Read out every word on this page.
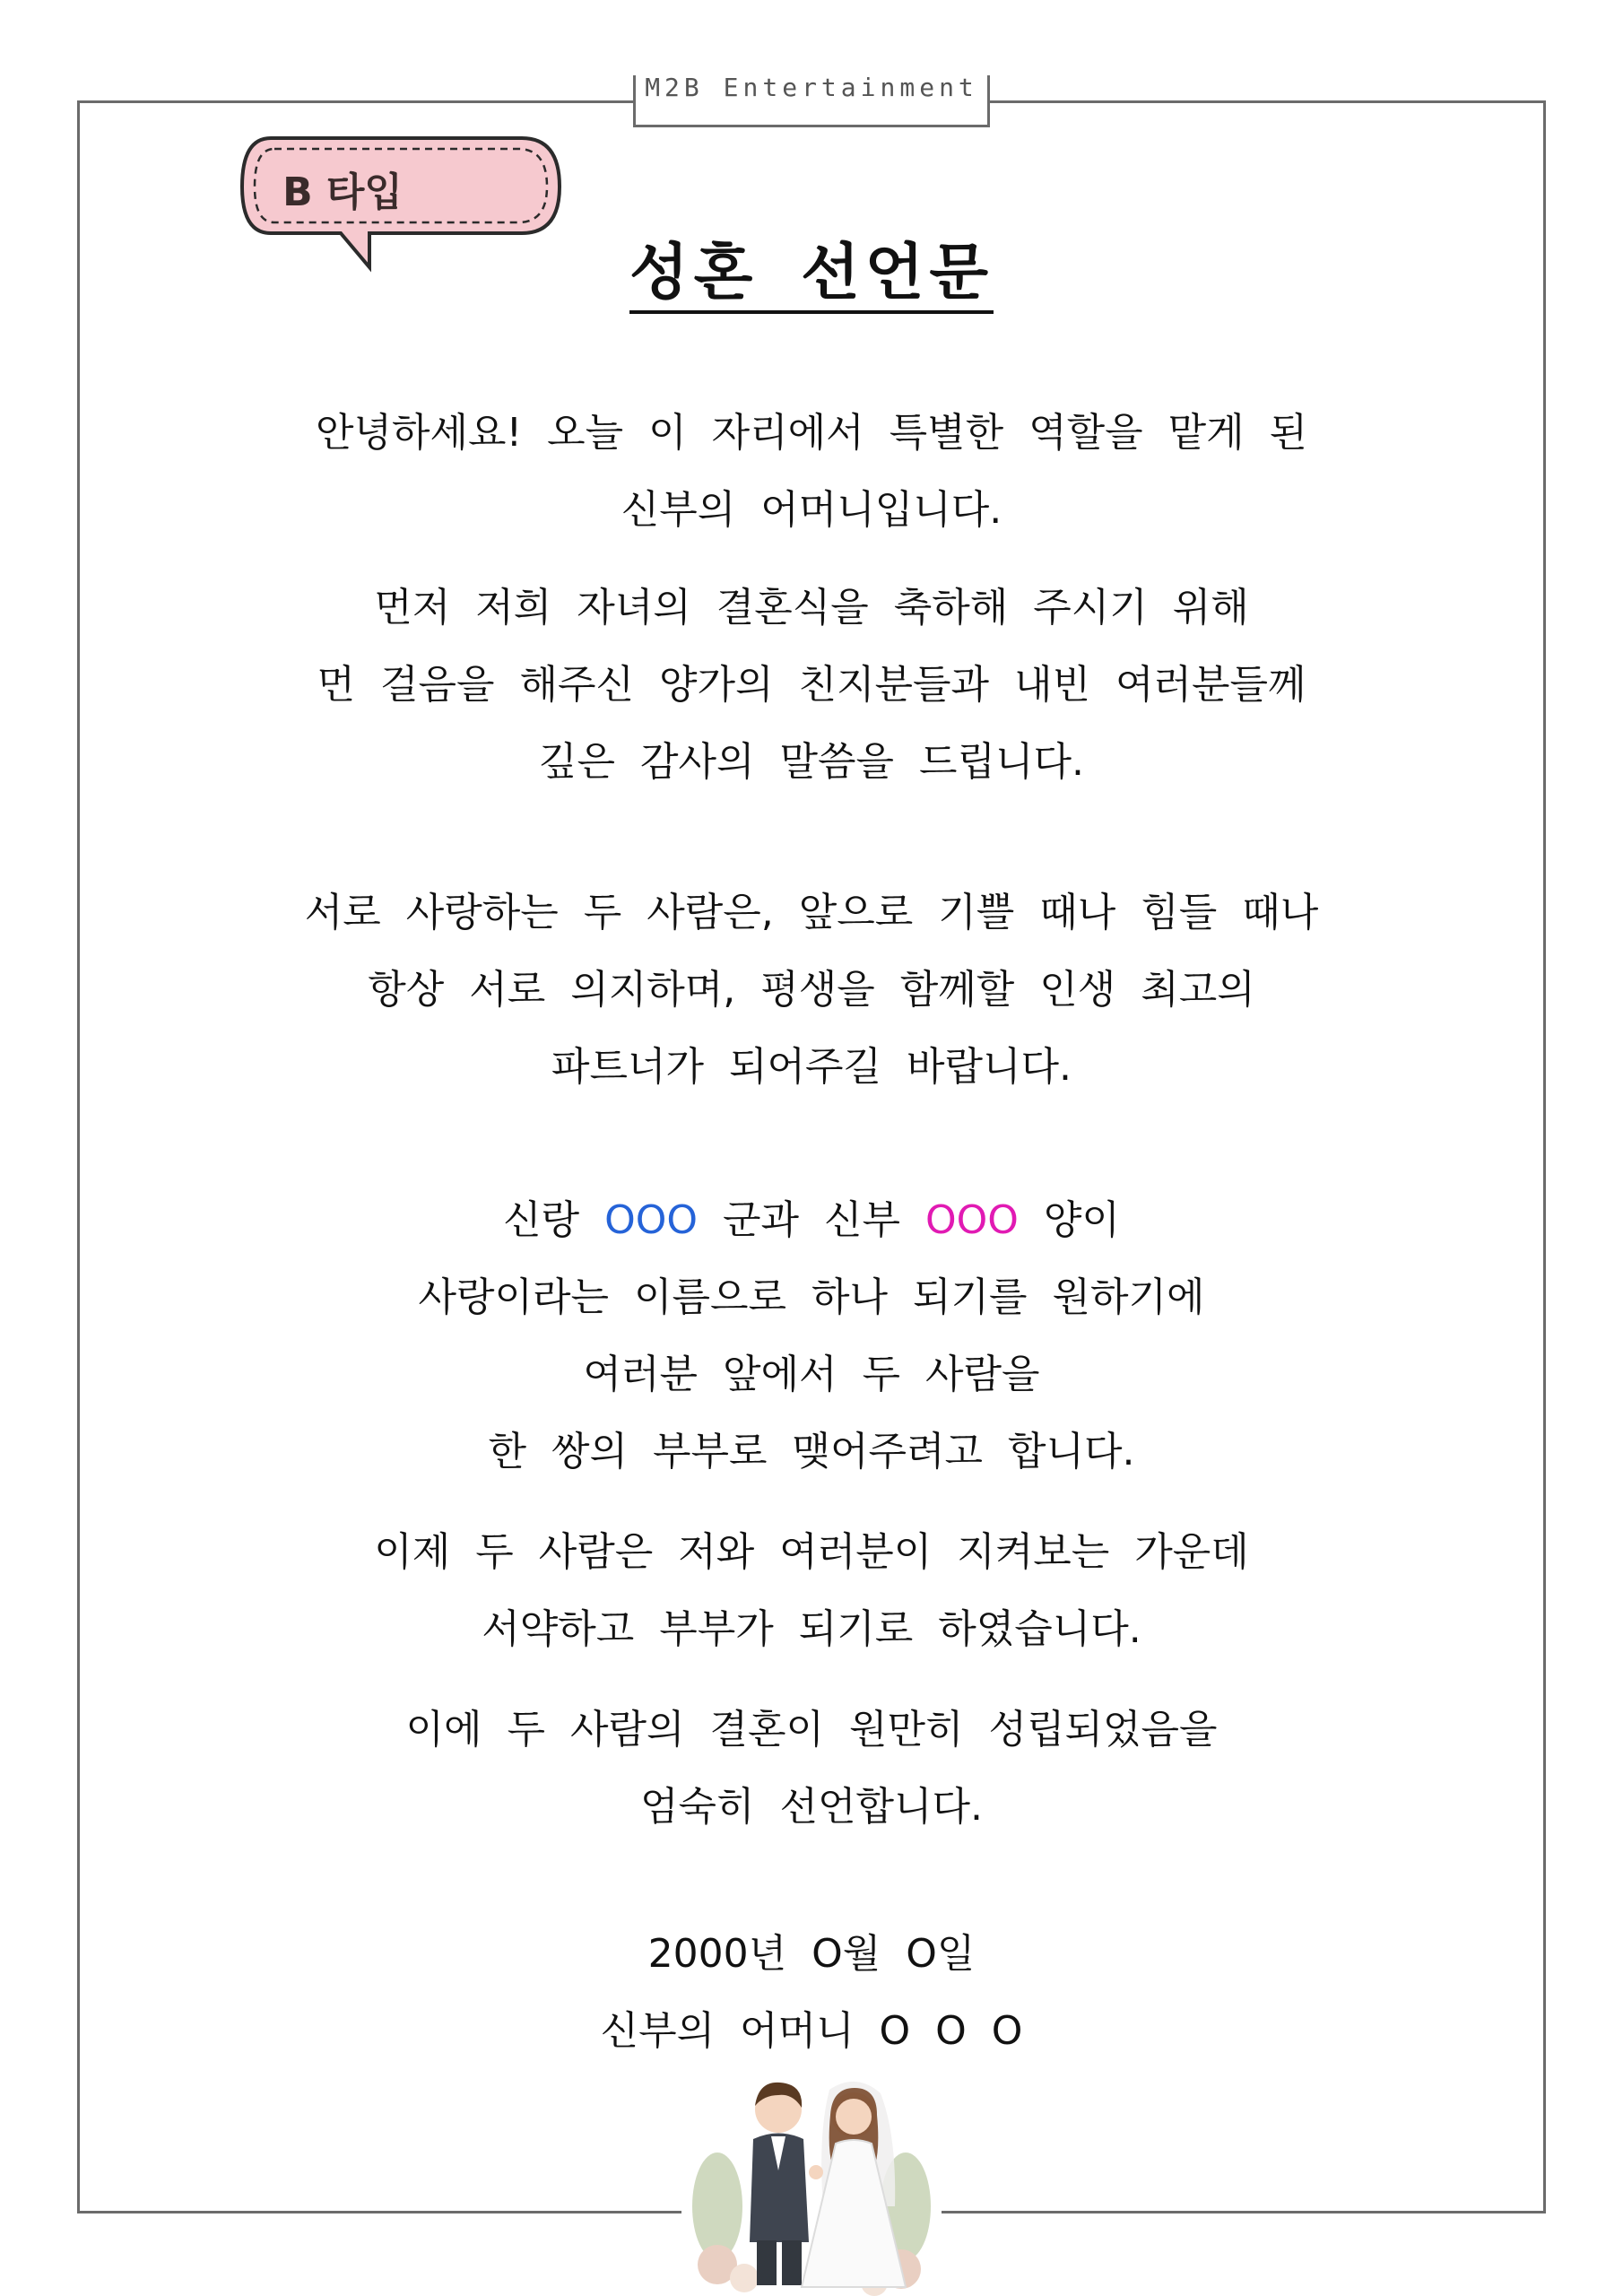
M2B Entertainment
B 타입
성혼 선언문
안녕하세요! 오늘 이 자리에서 특별한 역할을 맡게 된
신부의 어머니입니다.
먼저 저희 자녀의 결혼식을 축하해 주시기 위해
먼 걸음을 해주신 양가의 친지분들과 내빈 여러분들께
깊은 감사의 말씀을 드립니다.
서로 사랑하는 두 사람은, 앞으로 기쁠 때나 힘들 때나
항상 서로 의지하며, 평생을 함께할 인생 최고의
파트너가 되어주길 바랍니다.
신랑 OOO 군과 신부 OOO 양이
사랑이라는 이름으로 하나 되기를 원하기에
여러분 앞에서 두 사람을
한 쌍의 부부로 맺어주려고 합니다.
이제 두 사람은 저와 여러분이 지켜보는 가운데
서약하고 부부가 되기로 하였습니다.
이에 두 사람의 결혼이 원만히 성립되었음을
엄숙히 선언합니다.
2000년 O월 O일
신부의 어머니 O O O
